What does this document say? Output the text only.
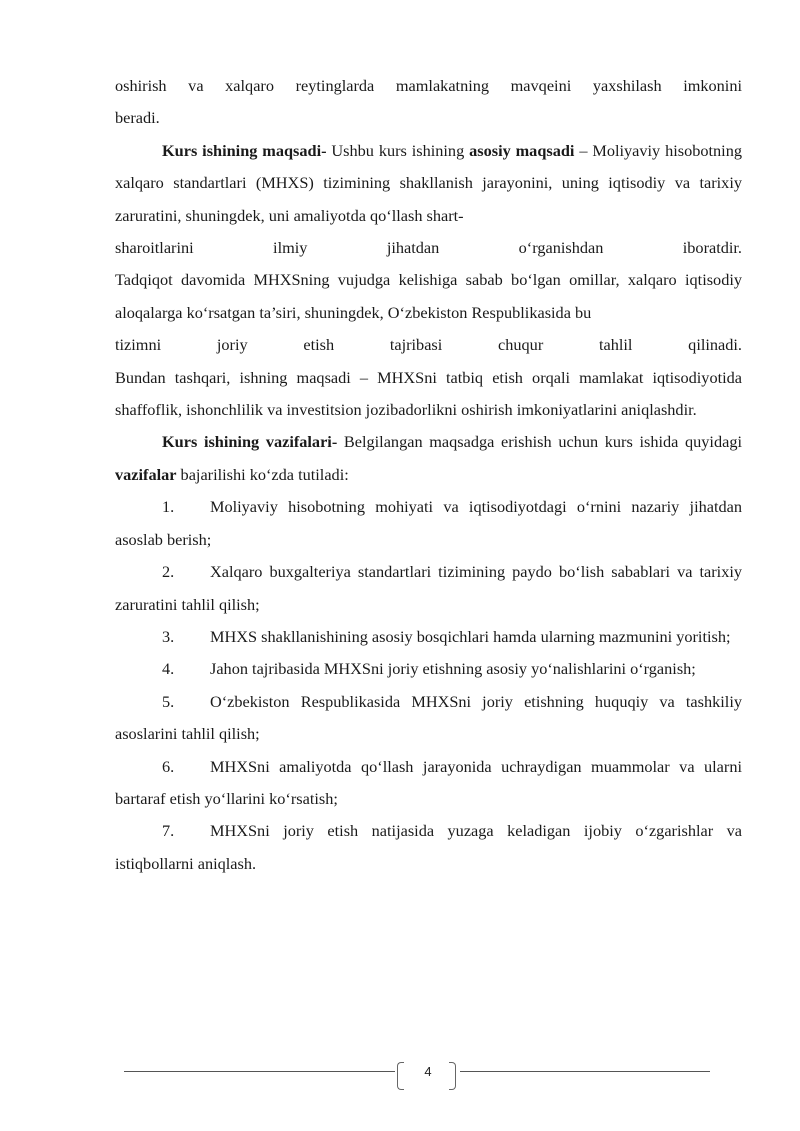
oshirish va xalqaro reytinglarda mamlakatning mavqeini yaxshilash imkonini

beradi.

Kurs ishining maqsadi- Ushbu kurs ishining asosiy maqsadi – Moliyaviy hisobotning xalqaro standartlari (MHXS) tizimining shakllanish jarayonini, uning iqtisodiy va tarixiy zaruratini, shuningdek, uni amaliyotda qo‘llash shart-

sharoitlarini ilmiy jihatdan o‘rganishdan iboratdir.

Tadqiqot davomida MHXSning vujudga kelishiga sabab bo‘lgan omillar, xalqaro iqtisodiy aloqalarga ko‘rsatgan ta’siri, shuningdek, O‘zbekiston Respublikasida bu

tizimni joriy etish tajribasi chuqur tahlil qilinadi.

Bundan tashqari, ishning maqsadi – MHXSni tatbiq etish orqali mamlakat iqtisodiyotida shaffoflik, ishonchlilik va investitsion jozibadorlikni oshirish imkoniyatlarini aniqlashdir.

Kurs ishining vazifalari- Belgilangan maqsadga erishish uchun kurs ishida quyidagi vazifalar bajarilishi ko‘zda tutiladi:

1. Moliyaviy hisobotning mohiyati va iqtisodiyotdagi o‘rnini nazariy jihatdan asoslab berish;

2. Xalqaro buxgalteriya standartlari tizimining paydo bo‘lish sabablari va tarixiy zaruratini tahlil qilish;

3. MHXS shakllanishining asosiy bosqichlari hamda ularning mazmunini yoritish;

4. Jahon tajribasida MHXSni joriy etishning asosiy yo‘nalishlarini o‘rganish;

5. O‘zbekiston Respublikasida MHXSni joriy etishning huquqiy va tashkiliy asoslarini tahlil qilish;

6. MHXSni amaliyotda qo‘llash jarayonida uchraydigan muammolar va ularni bartaraf etish yo‘llarini ko‘rsatish;

7. MHXSni joriy etish natijasida yuzaga keladigan ijobiy o‘zgarishlar va istiqbollarni aniqlash.

4
